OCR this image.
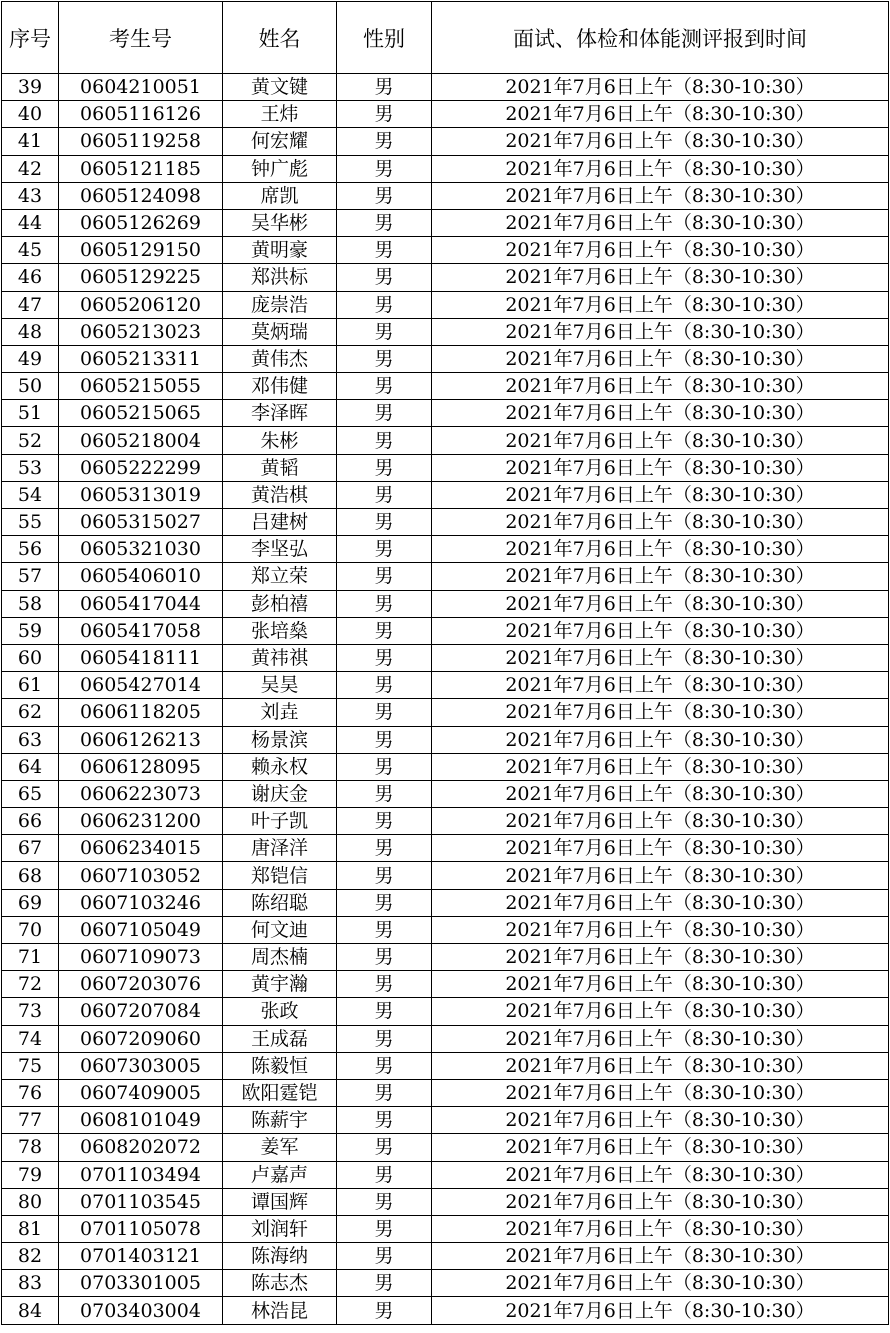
序号	考生号	姓名	性别	面试、体检和体能测评报到时间
39	0604210051	黄文键	男	2021年7月6日上午（8:30-10:30）
40	0605116126	王炜	男	2021年7月6日上午（8:30-10:30）
41	0605119258	何宏耀	男	2021年7月6日上午（8:30-10:30）
42	0605121185	钟广彪	男	2021年7月6日上午（8:30-10:30）
43	0605124098	席凯	男	2021年7月6日上午（8:30-10:30）
44	0605126269	吴华彬	男	2021年7月6日上午（8:30-10:30）
45	0605129150	黄明豪	男	2021年7月6日上午（8:30-10:30）
46	0605129225	郑洪标	男	2021年7月6日上午（8:30-10:30）
47	0605206120	庞崇浩	男	2021年7月6日上午（8:30-10:30）
48	0605213023	莫炳瑞	男	2021年7月6日上午（8:30-10:30）
49	0605213311	黄伟杰	男	2021年7月6日上午（8:30-10:30）
50	0605215055	邓伟健	男	2021年7月6日上午（8:30-10:30）
51	0605215065	李泽晖	男	2021年7月6日上午（8:30-10:30）
52	0605218004	朱彬	男	2021年7月6日上午（8:30-10:30）
53	0605222299	黄韬	男	2021年7月6日上午（8:30-10:30）
54	0605313019	黄浩棋	男	2021年7月6日上午（8:30-10:30）
55	0605315027	吕建树	男	2021年7月6日上午（8:30-10:30）
56	0605321030	李坚弘	男	2021年7月6日上午（8:30-10:30）
57	0605406010	郑立荣	男	2021年7月6日上午（8:30-10:30）
58	0605417044	彭柏禧	男	2021年7月6日上午（8:30-10:30）
59	0605417058	张培燊	男	2021年7月6日上午（8:30-10:30）
60	0605418111	黄祎祺	男	2021年7月6日上午（8:30-10:30）
61	0605427014	吴昊	男	2021年7月6日上午（8:30-10:30）
62	0606118205	刘垚	男	2021年7月6日上午（8:30-10:30）
63	0606126213	杨景滨	男	2021年7月6日上午（8:30-10:30）
64	0606128095	赖永权	男	2021年7月6日上午（8:30-10:30）
65	0606223073	谢庆金	男	2021年7月6日上午（8:30-10:30）
66	0606231200	叶子凯	男	2021年7月6日上午（8:30-10:30）
67	0606234015	唐泽洋	男	2021年7月6日上午（8:30-10:30）
68	0607103052	郑铠信	男	2021年7月6日上午（8:30-10:30）
69	0607103246	陈绍聪	男	2021年7月6日上午（8:30-10:30）
70	0607105049	何文迪	男	2021年7月6日上午（8:30-10:30）
71	0607109073	周杰楠	男	2021年7月6日上午（8:30-10:30）
72	0607203076	黄宇瀚	男	2021年7月6日上午（8:30-10:30）
73	0607207084	张政	男	2021年7月6日上午（8:30-10:30）
74	0607209060	王成磊	男	2021年7月6日上午（8:30-10:30）
75	0607303005	陈毅恒	男	2021年7月6日上午（8:30-10:30）
76	0607409005	欧阳霆铠	男	2021年7月6日上午（8:30-10:30）
77	0608101049	陈薪宇	男	2021年7月6日上午（8:30-10:30）
78	0608202072	姜军	男	2021年7月6日上午（8:30-10:30）
79	0701103494	卢嘉声	男	2021年7月6日上午（8:30-10:30）
80	0701103545	谭国辉	男	2021年7月6日上午（8:30-10:30）
81	0701105078	刘润轩	男	2021年7月6日上午（8:30-10:30）
82	0701403121	陈海纳	男	2021年7月6日上午（8:30-10:30）
83	0703301005	陈志杰	男	2021年7月6日上午（8:30-10:30）
84	0703403004	林浩昆	男	2021年7月6日上午（8:30-10:30）
